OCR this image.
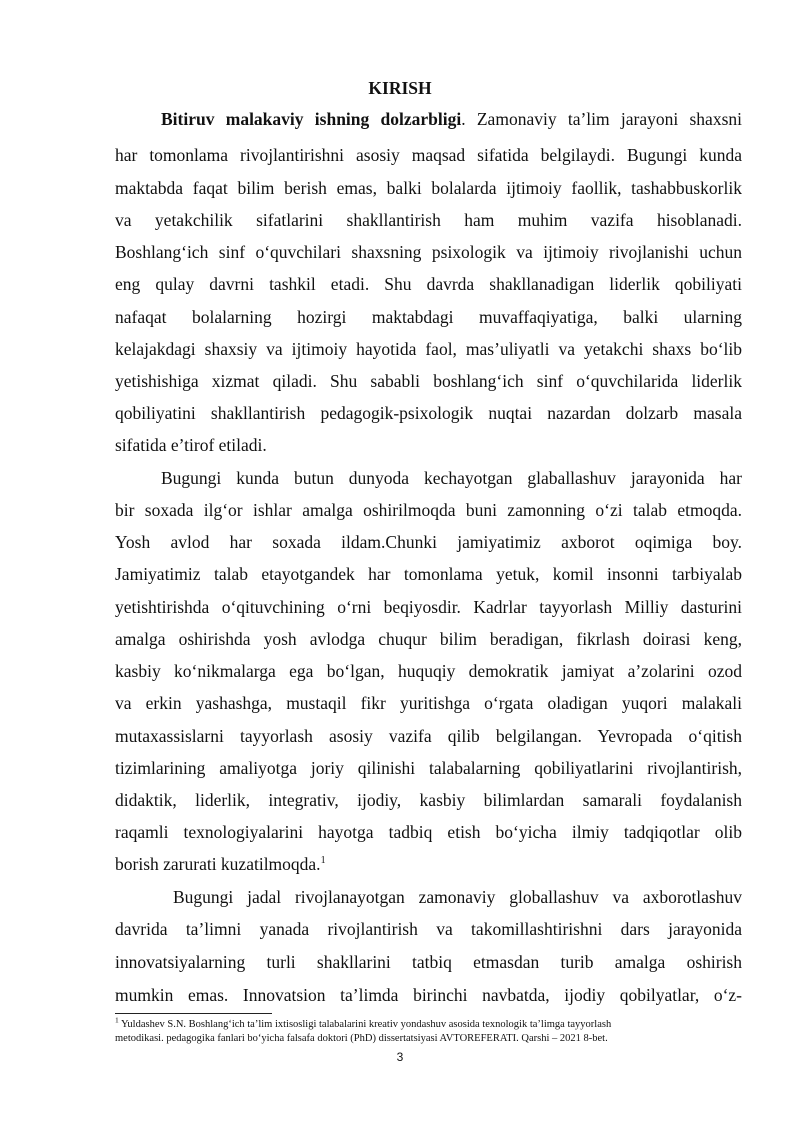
KIRISH
Bitiruv malakaviy ishning dolzarbligi. Zamonaviy ta’lim jarayoni shaxsni
har tomonlama rivojlantirishni asosiy maqsad sifatida belgilaydi. Bugungi kunda
maktabda faqat bilim berish emas, balki bolalarda ijtimoiy faollik, tashabbuskorlik
va yetakchilik sifatlarini shakllantirish ham muhim vazifa hisoblanadi.
Boshlang‘ich sinf o‘quvchilari shaxsning psixologik va ijtimoiy rivojlanishi uchun
eng qulay davrni tashkil etadi. Shu davrda shakllanadigan liderlik qobiliyati
nafaqat bolalarning hozirgi maktabdagi muvaffaqiyatiga, balki ularning
kelajakdagi shaxsiy va ijtimoiy hayotida faol, mas’uliyatli va yetakchi shaxs bo‘lib
yetishishiga xizmat qiladi. Shu sababli boshlang‘ich sinf o‘quvchilarida liderlik
qobiliyatini shakllantirish pedagogik-psixologik nuqtai nazardan dolzarb masala
sifatida e’tirof etiladi.
Bugungi kunda butun dunyoda kechayotgan glaballashuv jarayonida har
bir soxada ilg‘or ishlar amalga oshirilmoqda buni zamonning o‘zi talab etmoqda.
Yosh avlod har soxada ildam.Chunki jamiyatimiz axborot oqimiga boy.
Jamiyatimiz talab etayotgandek har tomonlama yetuk, komil insonni tarbiyalab
yetishtirishda o‘qituvchining o‘rni beqiyosdir. Kadrlar tayyorlash Milliy dasturini
amalga oshirishda yosh avlodga chuqur bilim beradigan, fikrlash doirasi keng,
kasbiy ko‘nikmalarga ega bo‘lgan, huquqiy demokratik jamiyat a’zolarini ozod
va erkin yashashga, mustaqil fikr yuritishga o‘rgata oladigan yuqori malakali
mutaxassislarni tayyorlash asosiy vazifa qilib belgilangan. Yevropada o‘qitish
tizimlarining amaliyotga joriy qilinishi talabalarning qobiliyatlarini rivojlantirish,
didaktik, liderlik, integrativ, ijodiy, kasbiy bilimlardan samarali foydalanish
raqamli texnologiyalarini hayotga tadbiq etish bo‘yicha ilmiy tadqiqotlar olib
borish zarurati kuzatilmoqda.$^1$
Bugungi jadal rivojlanayotgan zamonaviy globallashuv va axborotlashuv
davrida ta’limni yanada rivojlantirish va takomillashtirishni dars jarayonida
innovatsiyalarning turli shakllarini tatbiq etmasdan turib amalga oshirish
mumkin emas. Innovatsion ta’limda birinchi navbatda, ijodiy qobilyatlar, o‘z-
$^1$ Yuldashev S.N. Boshlang‘ich ta’lim ixtisosligi talabalarini kreativ yondashuv asosida texnologik ta’limga tayyorlash
metodikasi. pedagogika fanlari bo‘yicha falsafa doktori (PhD) dissertatsiyasi AVTOREFERATI. Qarshi – 2021 8-bet.
3
